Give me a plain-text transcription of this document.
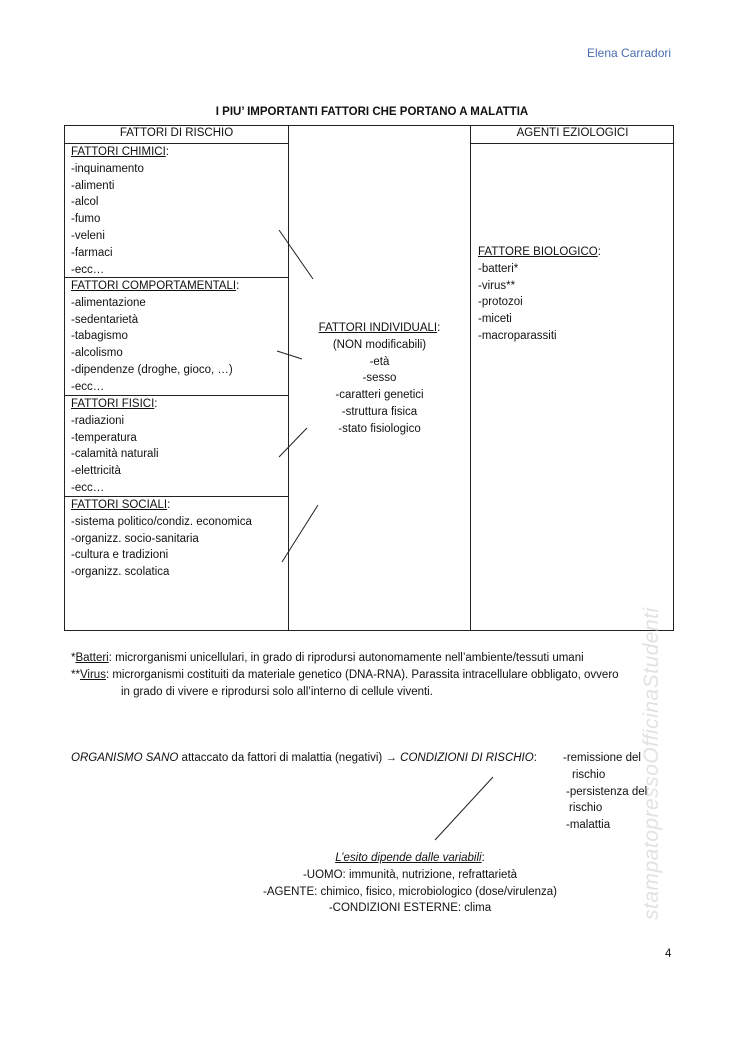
Elena Carradori
I PIU’ IMPORTANTI FATTORI CHE PORTANO A MALATTIA
FATTORI DI RISCHIO	AGENTI EZIOLOGICI
FATTORI CHIMICI:
-inquinamento
-alimenti
-alcol
-fumo
-veleni
-farmaci
-ecc…
FATTORI COMPORTAMENTALI:
-alimentazione
-sedentarietà
-tabagismo
-alcolismo
-dipendenze (droghe, gioco, …)
-ecc…
FATTORI FISICI:
-radiazioni
-temperatura
-calamità naturali
-elettricità
-ecc…
FATTORI SOCIALI:
-sistema politico/condiz. economica
-organizz. socio-sanitaria
-cultura e tradizioni
-organizz. scolatica
FATTORI INDIVIDUALI:
(NON modificabili)
-età
-sesso
-caratteri genetici
-struttura fisica
-stato fisiologico
FATTORE BIOLOGICO:
-batteri*
-virus**
-protozoi
-miceti
-macroparassiti
*Batteri: microrganismi unicellulari, in grado di riprodursi autonomamente nell’ambiente/tessuti umani
**Virus: microrganismi costituiti da materiale genetico (DNA-RNA). Parassita intracellulare obbligato, ovvero
in grado di vivere e riprodursi solo all’interno di cellule viventi.
ORGANISMO SANO attaccato da fattori di malattia (negativi) → CONDIZIONI DI RISCHIO: -remissione del
rischio
-persistenza del
rischio
-malattia
L’esito dipende dalle variabili:
-UOMO: immunità, nutrizione, refrattarietà
-AGENTE: chimico, fisico, microbiologico (dose/virulenza)
-CONDIZIONI ESTERNE: clima	stampatopressoOfficinaStudenti
4
